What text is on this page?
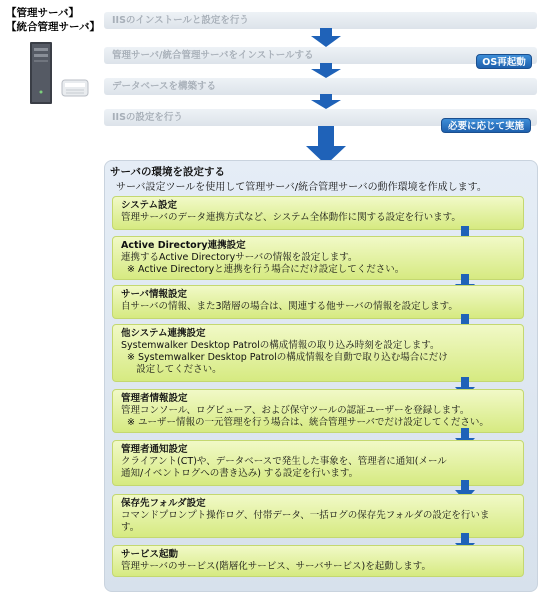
【管理サーバ】
【統合管理サーバ】
IISのインストールと設定を行う
管理サーバ/統合管理サーバをインストールする
データベースを構築する
IISの設定を行う
OS再起動
必要に応じて実施
サーバの環境を設定する
サーバ設定ツールを使用して管理サーバ/統合管理サーバの動作環境を作成します。
システム設定
管理サーバのデータ連携方式など、システム全体動作に関する設定を行います。
Active Directory連携設定
連携するActive Directoryサーバの情報を設定します。
※ Active Directoryと連携を行う場合にだけ設定してください。
サーバ情報設定
自サーバの情報、また3階層の場合は、関連する他サーバの情報を設定します。
他システム連携設定
Systemwalker Desktop Patrolの構成情報の取り込み時刻を設定します。
※ Systemwalker Desktop Patrolの構成情報を自動で取り込む場合にだけ
設定してください。
管理者情報設定
管理コンソール、ログビューア、および保守ツールの認証ユーザーを登録します。
※ ユーザー情報の一元管理を行う場合は、統合管理サーバでだけ設定してください。
管理者通知設定
クライアント(CT)や、データベースで発生した事象を、管理者に通知(メール
通知/イベントログへの書き込み) する設定を行います。
保存先フォルダ設定
コマンドプロンプト操作ログ、付帯データ、一括ログの保存先フォルダの設定を行いま
す。
サービス起動
管理サーバのサービス(階層化サービス、サーバサービス)を起動します。
